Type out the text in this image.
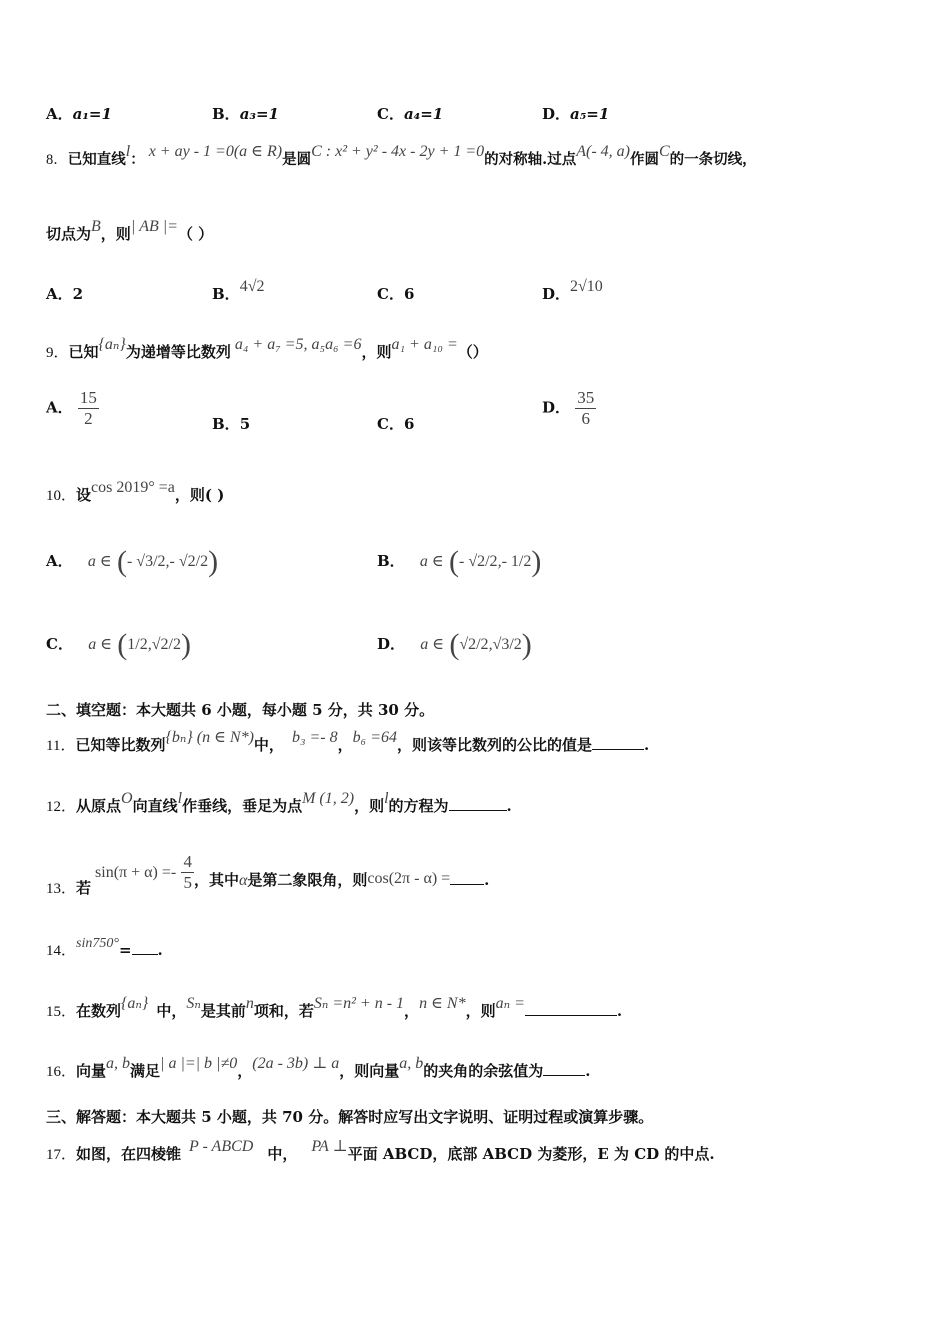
A．a₁=1	B．a₃=1	C．a₄=1	D．a₅=1
8．已知直线l： x + ay - 1 =0(a ∈ R)是圆C : x² + y² - 4x - 2y + 1 =0的对称轴.过点A(- 4, a)作圆C的一条切线，
切点为B，则| AB |=（ ）
A．2	B．4√2	C．6	D．2√10
9．已知{aₙ}为递增等比数列 a₄ + a₇ =5, a₅a₆ =6，则a₁ + a₁₀ =（）
A． $\frac{15}{2}$	B．5	C．6
D． $\frac{35}{6}$
10．设cos 2019° =a，则( )
A． a ∈ (- √3/2,- √2/2)	B． a ∈ (- √2/2,- 1/2)
C． a ∈ (1/2,√2/2)	D． a ∈ (√2/2,√3/2)
二、填空题：本大题共 6 小题，每小题 5 分，共 30 分。
11．已知等比数列{bₙ} (n ∈ N*)中， b₃ =- 8，b₆ =64，则该等比数列的公比的值是	.
12．从原点O向直线l作垂线，垂足为点M (1, 2)，则l的方程为	.
13．若$\sin(\pi + \alpha) =- \frac{4}{5}$ ，其中α是第二象限角，则cos(2π - α) = .
14．sin750°= .
15．在数列{aₙ} 中，Sₙ是其前n项和，若Sₙ =n² + n - 1，n ∈ N*，则aₙ =	.
16．向量a, b满足| a |=| b |≠0，(2a - 3b) ⊥ a，则向量a, b的夹角的余弦值为	.
三、解答题：本大题共 5 小题，共 70 分。解答时应写出文字说明、证明过程或演算步骤。
17．如图，在四棱锥 P - ABCD 中， PA ⊥平面 ABCD，底部 ABCD 为菱形，E 为 CD 的中点.
